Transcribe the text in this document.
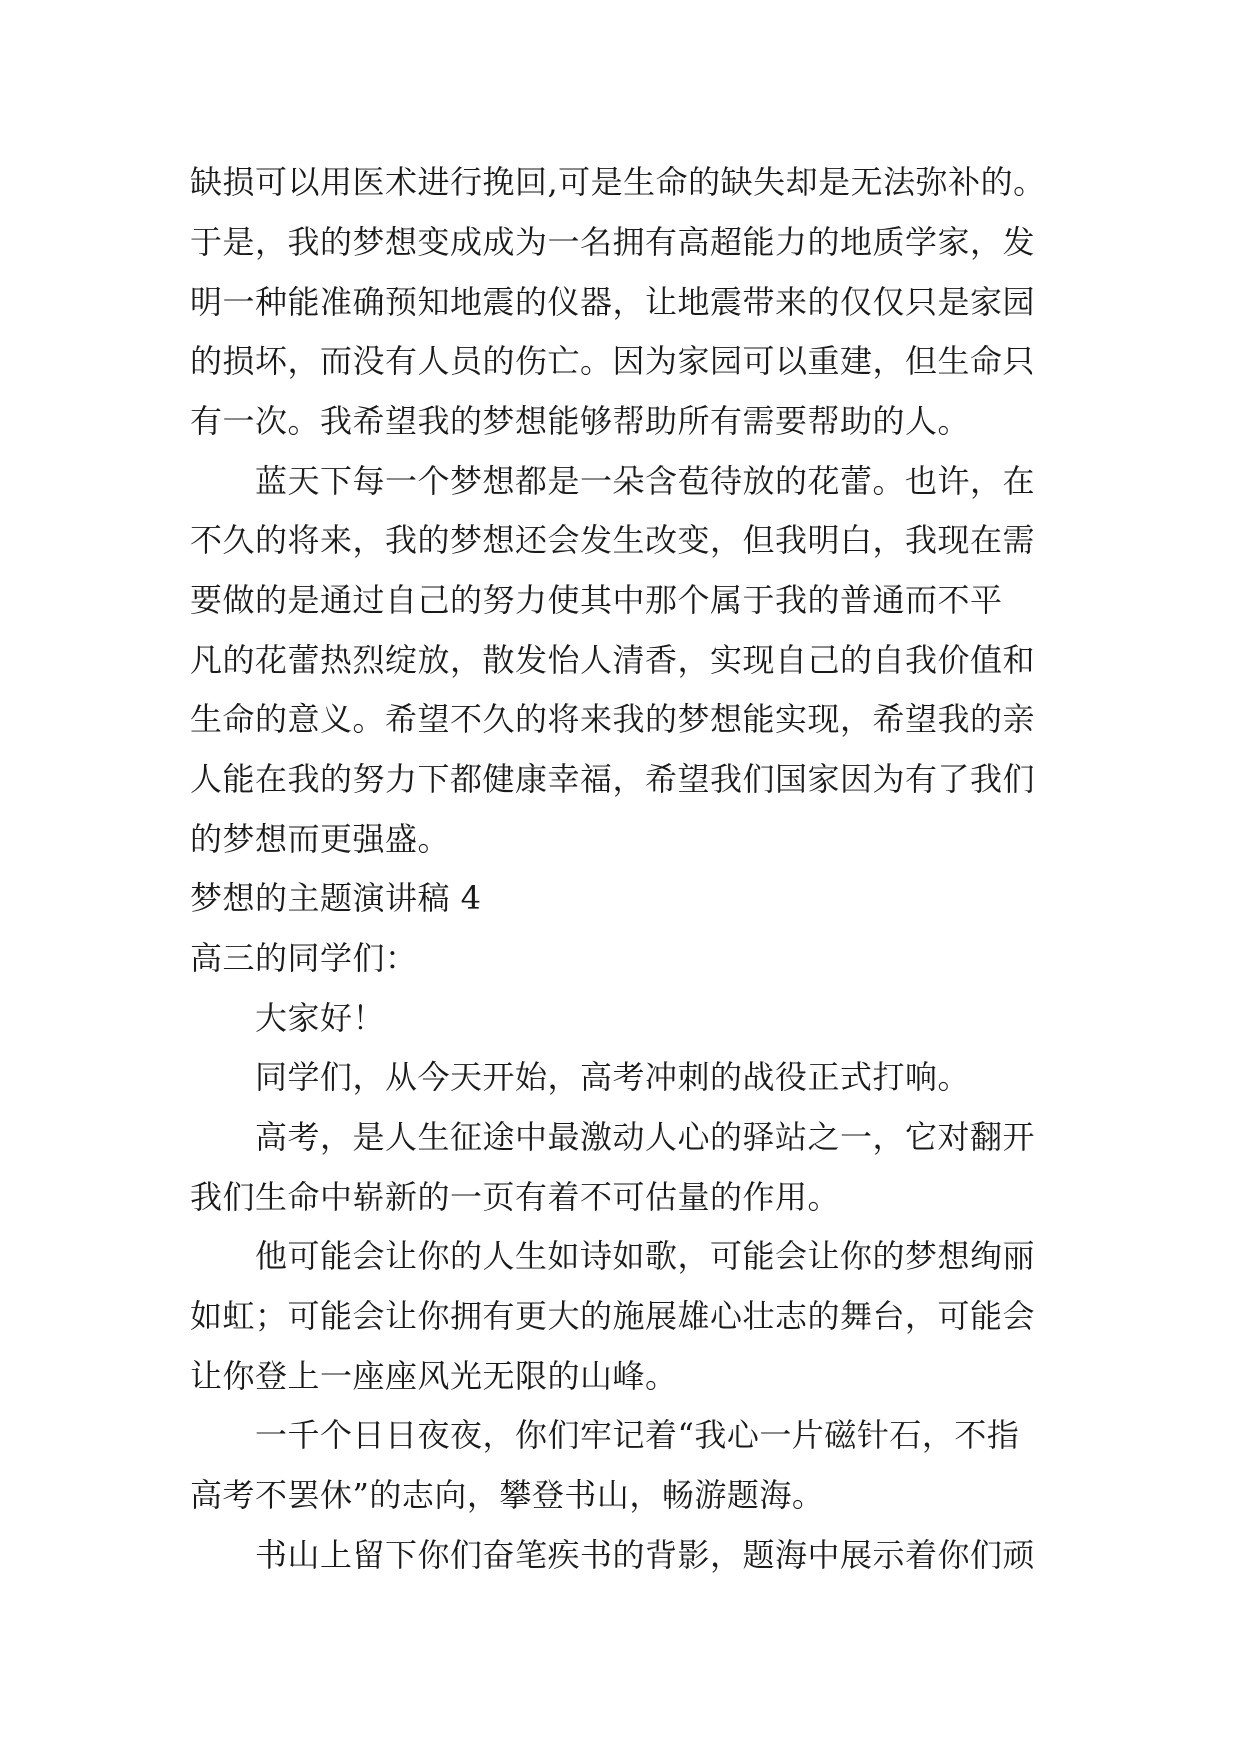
缺损可以用医术进行挽回,可是生命的缺失却是无法弥补的。
于是，我的梦想变成成为一名拥有高超能力的地质学家，发
明一种能准确预知地震的仪器，让地震带来的仅仅只是家园
的损坏，而没有人员的伤亡。因为家园可以重建，但生命只
有一次。我希望我的梦想能够帮助所有需要帮助的人。
蓝天下每一个梦想都是一朵含苞待放的花蕾。也许，在
不久的将来，我的梦想还会发生改变，但我明白，我现在需
要做的是通过自己的努力使其中那个属于我的普通而不平
凡的花蕾热烈绽放，散发怡人清香，实现自己的自我价值和
生命的意义。希望不久的将来我的梦想能实现，希望我的亲
人能在我的努力下都健康幸福，希望我们国家因为有了我们
的梦想而更强盛。
梦想的主题演讲稿 4
高三的同学们：
大家好！
同学们，从今天开始，高考冲刺的战役正式打响。
高考，是人生征途中最激动人心的驿站之一，它对翻开
我们生命中崭新的一页有着不可估量的作用。
他可能会让你的人生如诗如歌，可能会让你的梦想绚丽
如虹；可能会让你拥有更大的施展雄心壮志的舞台，可能会
让你登上一座座风光无限的山峰。
一千个日日夜夜，你们牢记着“我心一片磁针石，不指
高考不罢休”的志向，攀登书山，畅游题海。
书山上留下你们奋笔疾书的背影，题海中展示着你们顽
